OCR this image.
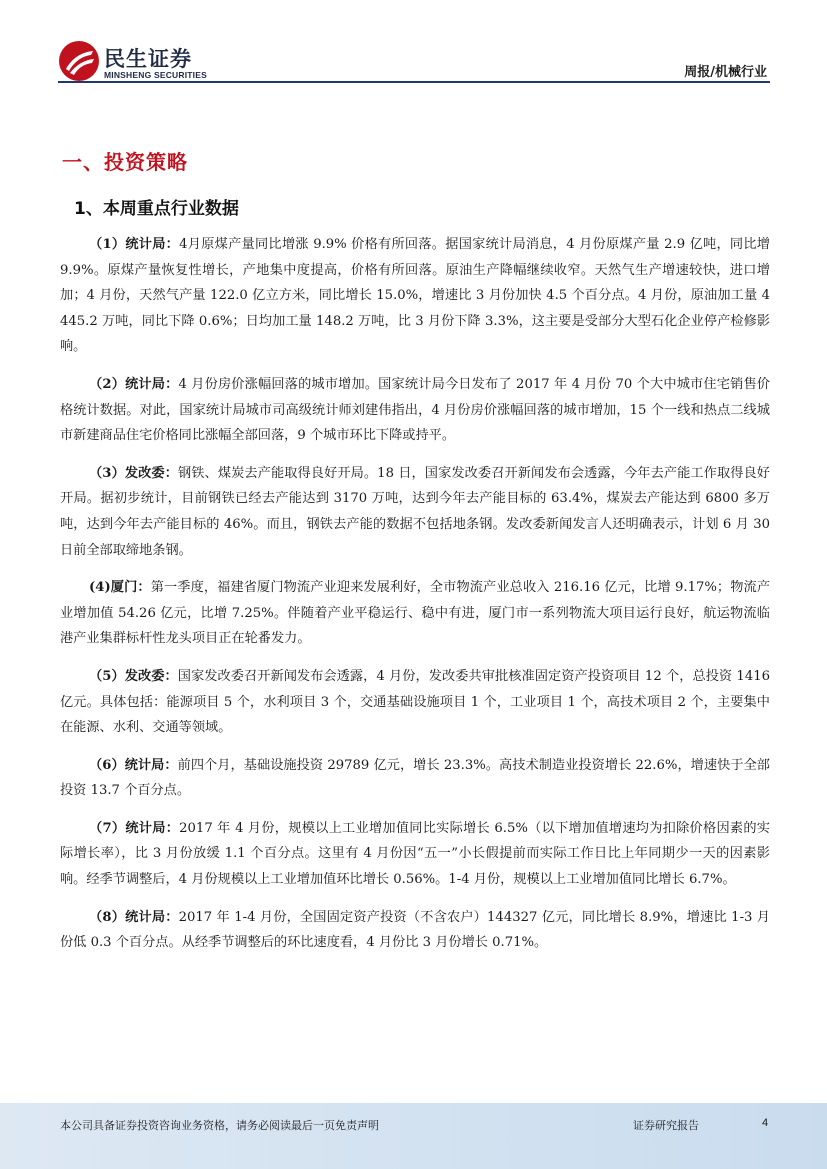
民生证券
MINSHENG SECURITIES	周报/机械行业
一、投资策略
1、本周重点行业数据

（1）统计局：4月原煤产量同比增涨 9.9% 价格有所回落。据国家统计局消息，4 月份原煤产量 2.9 亿吨，同比增 9.9%。原煤产量恢复性增长，产地集中度提高，价格有所回落。原油生产降幅继续收窄。天然气生产增速较快，进口增加；4 月份，天然气产量 122.0 亿立方米，同比增长 15.0%，增速比 3 月份加快 4.5 个百分点。4 月份，原油加工量 4445.2 万吨，同比下降 0.6%；日均加工量 148.2 万吨，比 3 月份下降 3.3%，这主要是受部分大型石化企业停产检修影响。

（2）统计局：4 月份房价涨幅回落的城市增加。国家统计局今日发布了 2017 年 4 月份 70 个大中城市住宅销售价格统计数据。对此，国家统计局城市司高级统计师刘建伟指出，4 月份房价涨幅回落的城市增加，15 个一线和热点二线城市新建商品住宅价格同比涨幅全部回落，9 个城市环比下降或持平。

（3）发改委：钢铁、煤炭去产能取得良好开局。18 日，国家发改委召开新闻发布会透露，今年去产能工作取得良好开局。据初步统计，目前钢铁已经去产能达到 3170 万吨，达到今年去产能目标的 63.4%，煤炭去产能达到 6800 多万吨，达到今年去产能目标的 46%。而且，钢铁去产能的数据不包括地条钢。发改委新闻发言人还明确表示，计划 6 月 30 日前全部取缔地条钢。

(4)厦门：第一季度，福建省厦门物流产业迎来发展利好，全市物流产业总收入 216.16 亿元，比增 9.17%；物流产业增加值 54.26 亿元，比增 7.25%。伴随着产业平稳运行、稳中有进，厦门市一系列物流大项目运行良好，航运物流临港产业集群标杆性龙头项目正在轮番发力。

（5）发改委：国家发改委召开新闻发布会透露，4 月份，发改委共审批核准固定资产投资项目 12 个，总投资 1416 亿元。具体包括：能源项目 5 个，水利项目 3 个，交通基础设施项目 1 个，工业项目 1 个，高技术项目 2 个，主要集中在能源、水利、交通等领域。

（6）统计局：前四个月，基础设施投资 29789 亿元，增长 23.3%。高技术制造业投资增长 22.6%，增速快于全部投资 13.7 个百分点。

（7）统计局：2017 年 4 月份，规模以上工业增加值同比实际增长 6.5%（以下增加值增速均为扣除价格因素的实际增长率），比 3 月份放缓 1.1 个百分点。这里有 4 月份因“五一”小长假提前而实际工作日比上年同期少一天的因素影响。经季节调整后，4 月份规模以上工业增加值环比增长 0.56%。1-4 月份，规模以上工业增加值同比增长 6.7%。

（8）统计局：2017 年 1-4 月份，全国固定资产投资（不含农户）144327 亿元，同比增长 8.9%，增速比 1-3 月份低 0.3 个百分点。从经季节调整后的环比速度看，4 月份比 3 月份增长 0.71%。

本公司具备证券投资咨询业务资格，请务必阅读最后一页免责声明	证券研究报告	4
